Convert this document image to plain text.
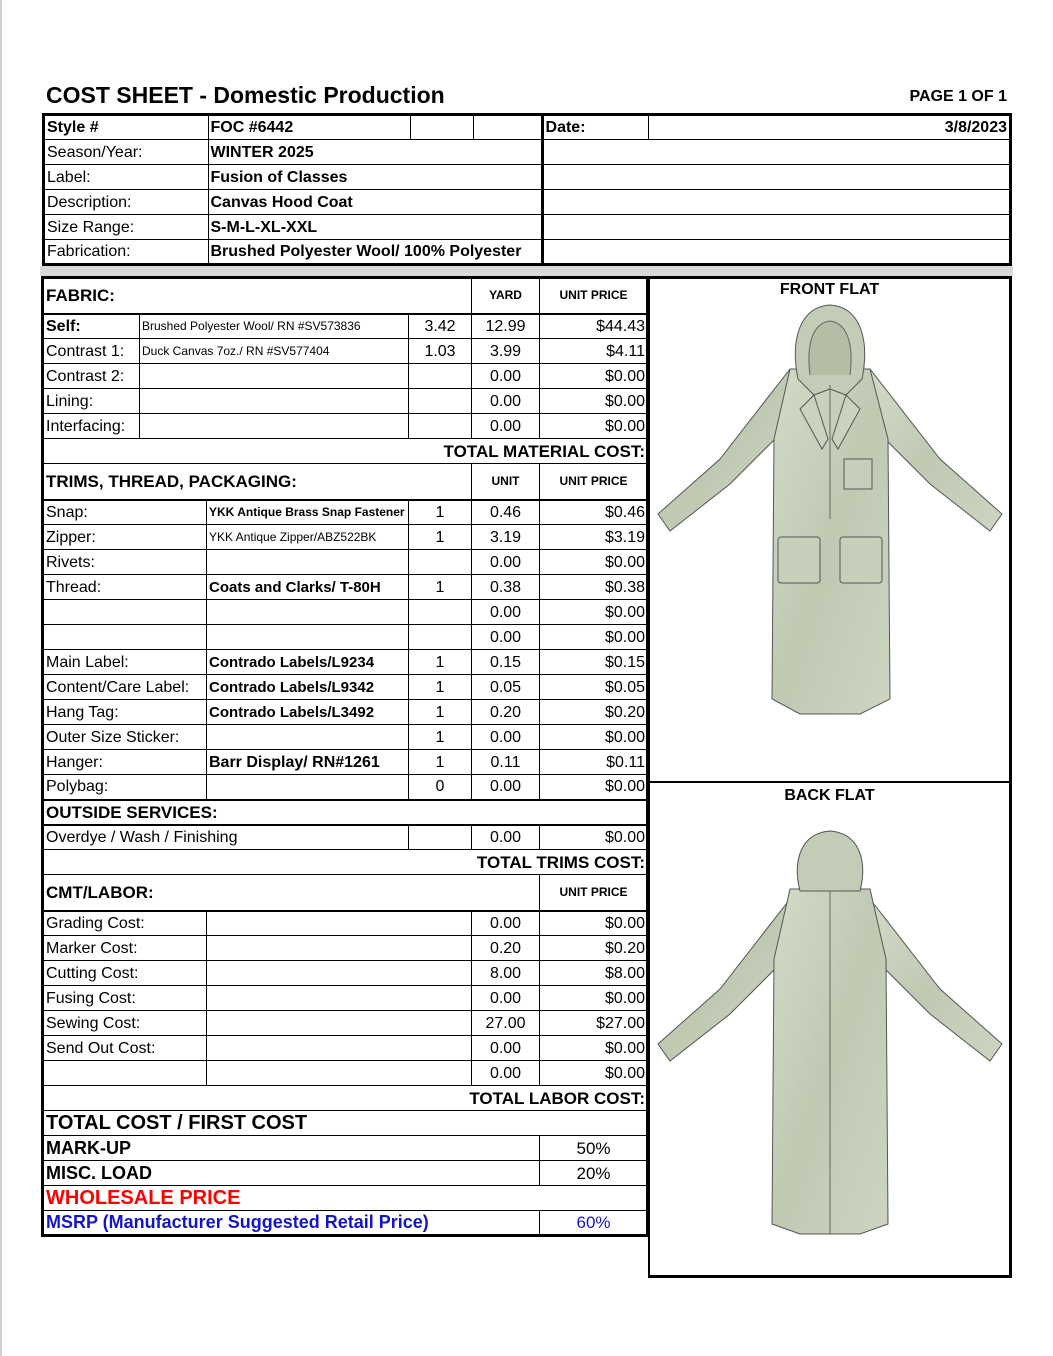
COST SHEET - Domestic Production	PAGE 1 OF 1
Style #	FOC #6442			Date:	3/8/2023
Season/Year:	WINTER 2025				
Label:	Fusion of Classes				
Description:	Canvas Hood Coat				
Size Range:	S-M-L-XL-XXL				
Fabrication:	Brushed Polyester Wool/ 100% Polyester				
FABRIC:				YARD	UNIT PRICE	
Self:	Brushed Polyester Wool/ RN #SV573836		3.42	12.99	$44.43	
Contrast 1:	Duck Canvas 7oz./ RN #SV577404		1.03	3.99	$4.11	
Contrast 2:				0.00	$0.00	
Lining:				0.00	$0.00	
Interfacing:				0.00	$0.00	
TOTAL MATERIAL COST:	
TRIMS, THREAD, PACKAGING:				UNIT	UNIT PRICE	
Snap:		YKK Antique Brass Snap Fastener	1	0.46	$0.46	
Zipper:		YKK Antique Zipper/ABZ522BK	1	3.19	$3.19	
Rivets:				0.00	$0.00	
Thread:		Coats and Clarks/ T-80H	1	0.38	$0.38	
				0.00	$0.00	
				0.00	$0.00	
Main Label:		Contrado Labels/L9234	1	0.15	$0.15	
Content/Care Label:		Contrado Labels/L9342	1	0.05	$0.05	
Hang Tag:		Contrado Labels/L3492	1	0.20	$0.20	
Outer Size Sticker:			1	0.00	$0.00	
Hanger:		Barr Display/ RN#1261	1	0.11	$0.11	
Polybag:			0	0.00	$0.00	
OUTSIDE SERVICES:						
Overdye / Wash / Finishing				0.00	$0.00	
TOTAL TRIMS COST:	
CMT/LABOR:					UNIT PRICE	
Grading Cost:				0.00	$0.00	
Marker Cost:				0.20	$0.20	
Cutting Cost:				8.00	$8.00	
Fusing Cost:				0.00	$0.00	
Sewing Cost:				27.00	$27.00	
Send Out Cost:				0.00	$0.00	
				0.00	$0.00	
TOTAL LABOR COST:	
TOTAL COST / FIRST COST	
MARK-UP					50%	
MISC. LOAD					20%	
WHOLESALE PRICE	
MSRP (Manufacturer Suggested Retail Price)					60%	
FRONT FLAT
BACK FLAT
